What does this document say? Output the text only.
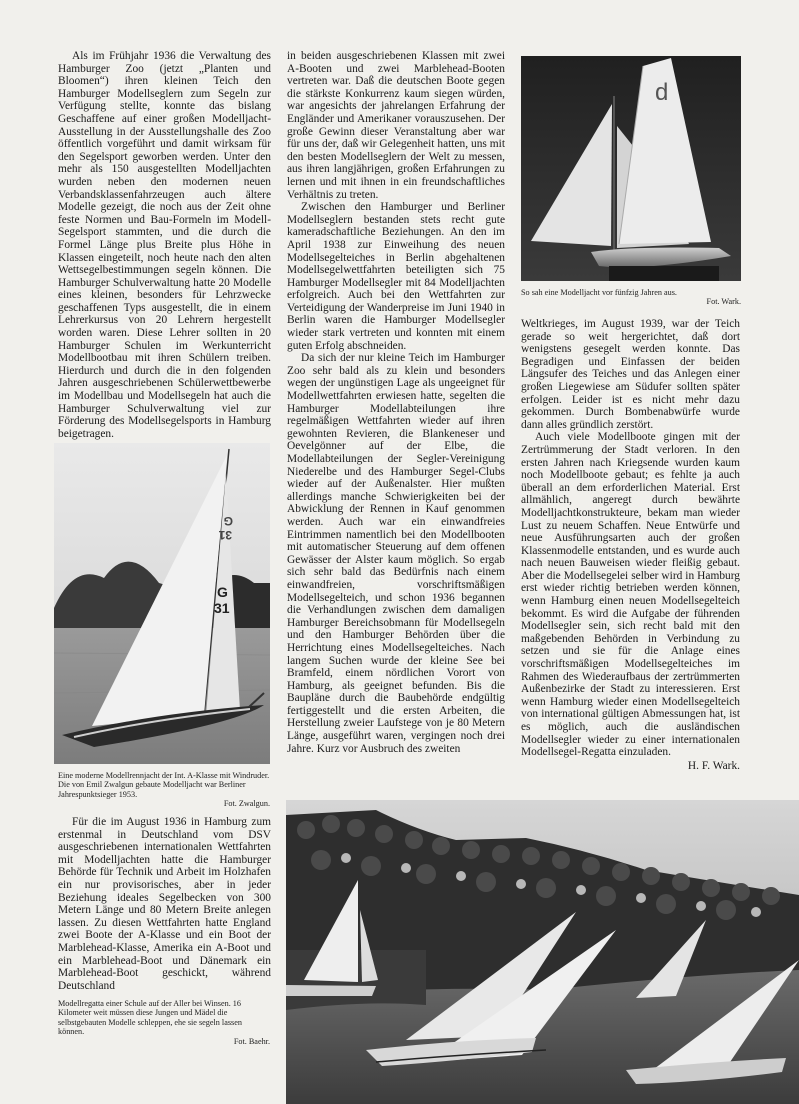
Als im Frühjahr 1936 die Verwaltung des Hamburger Zoo (jetzt „Planten und Bloomen“) ihren kleinen Teich den Hamburger Modellseglern zum Segeln zur Verfügung stellte, konnte das bislang Geschaffene auf einer großen Modelljacht-Ausstellung in der Ausstellungshalle des Zoo öffentlich vorgeführt und damit wirksam für den Segelsport geworben werden. Unter den mehr als 150 ausgestellten Modelljachten wurden neben den modernen neuen Verbandsklassenfahrzeugen auch ältere Modelle gezeigt, die noch aus der Zeit ohne feste Normen und Bau-Formeln im Modell-Segelsport stammten, und die durch die Formel Länge plus Breite plus Höhe in Klassen eingeteilt, noch heute nach den alten Wettsegelbestimmungen segeln können. Die Hamburger Schulverwaltung hatte 20 Modelle eines kleinen, besonders für Lehrzwecke geschaffenen Typs ausgestellt, die in einem Lehrerkursus von 20 Lehrern hergestellt worden waren. Diese Lehrer sollten in 20 Hamburger Schulen im Werkunterricht Modellbootbau mit ihren Schülern treiben. Hierdurch und durch die in den folgenden Jahren ausgeschriebenen Schülerwettbewerbe im Modellbau und Modellsegeln hat auch die Hamburger Schulverwaltung viel zur Förderung des Modellsegelsports in Hamburg beigetragen.

in beiden ausgeschriebenen Klassen mit zwei A-Booten und zwei Marblehead-Booten vertreten war. Daß die deutschen Boote gegen die stärkste Konkurrenz kaum siegen würden, war angesichts der jahrelangen Erfahrung der Engländer und Amerikaner vorauszusehen. Der große Gewinn dieser Veranstaltung aber war für uns der, daß wir Gelegenheit hatten, uns mit den besten Modellseglern der Welt zu messen, aus ihren langjährigen, großen Erfahrungen zu lernen und mit ihnen in ein freundschaftliches Verhältnis zu treten.

Zwischen den Hamburger und Berliner Modellseglern bestanden stets recht gute kameradschaftliche Beziehungen. An den im April 1938 zur Einweihung des neuen Modellsegelteiches in Berlin abgehaltenen Modellsegelwettfahrten beteiligten sich 75 Hamburger Modellsegler mit 84 Modelljachten erfolgreich. Auch bei den Wettfahrten zur Verteidigung der Wanderpreise im Juni 1940 in Berlin waren die Hamburger Modellsegler wieder stark vertreten und konnten mit einem guten Erfolg abschneiden.

Da sich der nur kleine Teich im Hamburger Zoo sehr bald als zu klein und besonders wegen der ungünstigen Lage als ungeeignet für Modellwettfahrten erwiesen hatte, segelten die Hamburger Modellabteilungen ihre regelmäßigen Wettfahrten wieder auf ihren gewohnten Revieren, die Blankeneser und Oevelgönner auf der Elbe, die Modellabteilungen der Segler-Vereinigung Niederelbe und des Hamburger Segel-Clubs wieder auf der Außenalster. Hier mußten allerdings manche Schwierigkeiten bei der Abwicklung der Rennen in Kauf genommen werden. Auch war ein einwandfreies Eintrimmen namentlich bei den Modellbooten mit automatischer Steuerung auf dem offenen Gewässer der Alster kaum möglich. So ergab sich sehr bald das Bedürfnis nach einem einwandfreien, vorschriftsmäßigen Modellsegelteich, und schon 1936 begannen die Verhandlungen zwischen dem damaligen Hamburger Bereichsobmann für Modellsegeln und den Hamburger Behörden über die Herrichtung eines Modellsegelteiches. Nach langem Suchen wurde der kleine See bei Bramfeld, einem nördlichen Vorort von Hamburg, als geeignet befunden. Bis die Baupläne durch die Baubehörde endgültig fertiggestellt und die ersten Arbeiten, die Herstellung zweier Laufstege von je 80 Metern Länge, ausgeführt waren, vergingen noch drei Jahre. Kurz vor Ausbruch des zweiten

Weltkrieges, im August 1939, war der Teich gerade so weit hergerichtet, daß dort wenigstens gesegelt werden konnte. Das Begradigen und Einfassen der beiden Längsufer des Teiches und das Anlegen einer großen Liegewiese am Südufer sollten später erfolgen. Leider ist es nicht mehr dazu gekommen. Durch Bombenabwürfe wurde dann alles gründlich zerstört.

Auch viele Modellboote gingen mit der Zertrümmerung der Stadt verloren. In den ersten Jahren nach Kriegsende wurden kaum noch Modellboote gebaut; es fehlte ja auch überall an dem erforderlichen Material. Erst allmählich, angeregt durch bewährte Modelljachtkonstrukteure, bekam man wieder Lust zu neuem Schaffen. Neue Entwürfe und neue Ausführungsarten auch der großen Klassenmodelle entstanden, und es wurde auch nach neuen Bauweisen wieder fleißig gebaut. Aber die Modellsegelei selber wird in Hamburg erst wieder richtig betrieben werden können, wenn Hamburg einen neuen Modellsegelteich bekommt. Es wird die Aufgabe der führenden Modellsegler sein, sich recht bald mit den maßgebenden Behörden in Verbindung zu setzen und sie für die Anlage eines vorschriftsmäßigen Modellsegelteiches im Rahmen des Wiederaufbaus der zertrümmerten Außenbezirke der Stadt zu interessieren. Erst wenn Hamburg wieder einen Modellsegelteich von international gültigen Abmessungen hat, ist es möglich, auch die ausländischen Modellsegler wieder zu einer internationalen Modellsegel-Regatta einzuladen.

H. F. Wark.

Für die im August 1936 in Hamburg zum erstenmal in Deutschland vom DSV ausgeschriebenen internationalen Wettfahrten mit Modelljachten hatte die Hamburger Behörde für Technik und Arbeit im Holzhafen ein nur provisorisches, aber in jeder Beziehung ideales Segelbecken von 300 Metern Länge und 80 Metern Breite anlegen lassen. Zu diesen Wettfahrten hatte England zwei Boote der A-Klasse und ein Boot der Marblehead-Klasse, Amerika ein A-Boot und ein Marblehead-Boot und Dänemark ein Marblehead-Boot geschickt, während Deutschland

d
So sah eine Modelljacht vor fünfzig Jahren aus.
Fot. Wark.
G
31
G
31
Eine moderne Modellrennjacht der Int. A-Klasse mit Windruder. Die von Emil Zwalgun gebaute Modelljacht war Berliner Jahrespunktsieger 1953.
Fot. Zwalgun.
Modellregatta einer Schule auf der Aller bei Winsen. 16 Kilometer weit müssen diese Jungen und Mädel die selbstgebauten Modelle schleppen, ehe sie segeln lassen können.
Fot. Baehr.
